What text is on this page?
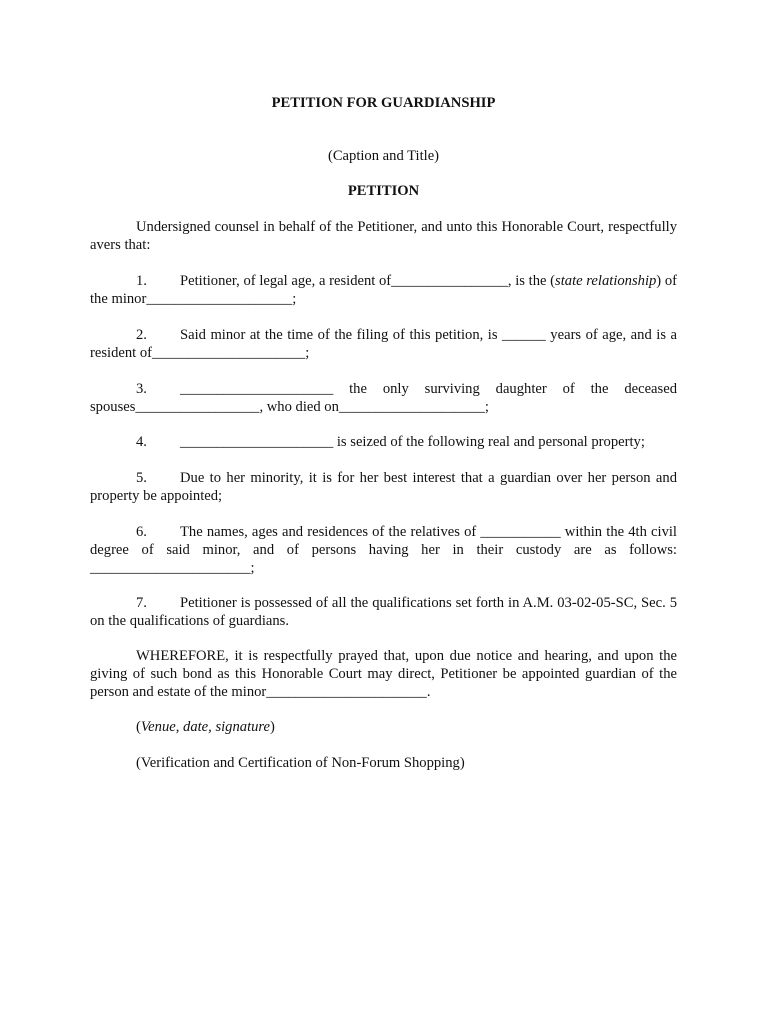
PETITION FOR GUARDIANSHIP

(Caption and Title)

PETITION

Undersigned counsel in behalf of the Petitioner, and unto this Honorable Court, respectfully avers that:

1. Petitioner, of legal age, a resident of________________, is the (state relationship) of the minor____________________;

2. Said minor at the time of the filing of this petition, is ______ years of age, and is a resident of_____________________;

3. _____________________ the only surviving daughter of the deceased spouses_________________, who died on____________________;

4. _____________________ is seized of the following real and personal property;

5. Due to her minority, it is for her best interest that a guardian over her person and property be appointed;

6. The names, ages and residences of the relatives of ___________ within the 4th civil degree of said minor, and of persons having her in their custody are as follows: ______________________;

7. Petitioner is possessed of all the qualifications set forth in A.M. 03-02-05-SC, Sec. 5 on the qualifications of guardians.

WHEREFORE, it is respectfully prayed that, upon due notice and hearing, and upon the giving of such bond as this Honorable Court may direct, Petitioner be appointed guardian of the person and estate of the minor______________________.

(Venue, date, signature)

(Verification and Certification of Non-Forum Shopping)
